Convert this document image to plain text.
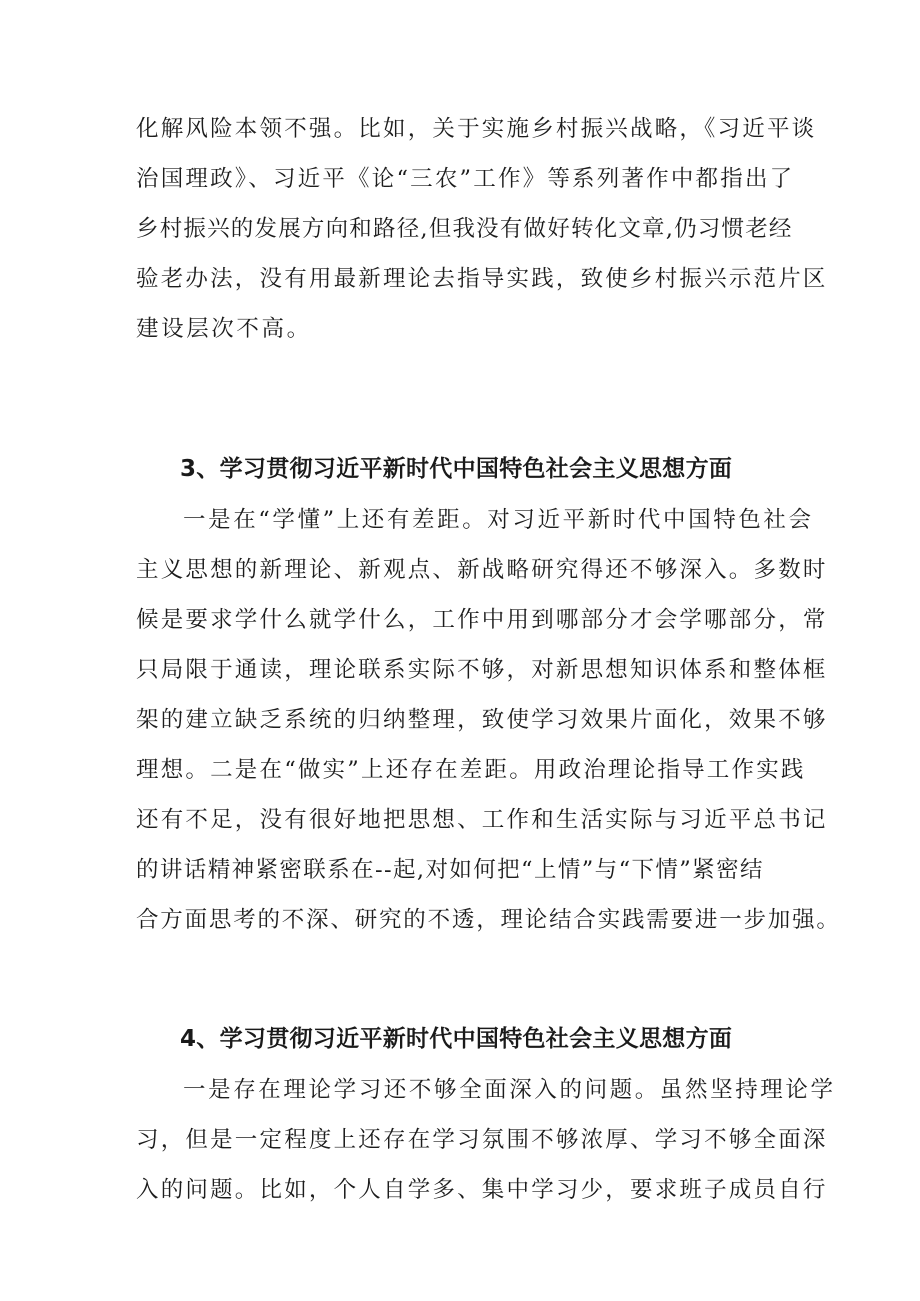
化解风险本领不强。比如，关于实施乡村振兴战略，《习近平谈

治国理政》、习近平《论“三农”工作》等系列著作中都指出了

乡村振兴的发展方向和路径,但我没有做好转化文章,仍习惯老经

验老办法，没有用最新理论去指导实践，致使乡村振兴示范片区

建设层次不高。

3、学习贯彻习近平新时代中国特色社会主义思想方面

一是在“学懂”上还有差距。对习近平新时代中国特色社会

主义思想的新理论、新观点、新战略研究得还不够深入。多数时

候是要求学什么就学什么，工作中用到哪部分才会学哪部分，常

只局限于通读，理论联系实际不够，对新思想知识体系和整体框

架的建立缺乏系统的归纳整理，致使学习效果片面化，效果不够

理想。二是在“做实”上还存在差距。用政治理论指导工作实践

还有不足，没有很好地把思想、工作和生活实际与习近平总书记

的讲话精神紧密联系在--起,对如何把“上情”与“下情”紧密结

合方面思考的不深、研究的不透，理论结合实践需要进一步加强。

4、学习贯彻习近平新时代中国特色社会主义思想方面

一是存在理论学习还不够全面深入的问题。虽然坚持理论学

习，但是一定程度上还存在学习氛围不够浓厚、学习不够全面深

入的问题。比如，个人自学多、集中学习少，要求班子成员自行
